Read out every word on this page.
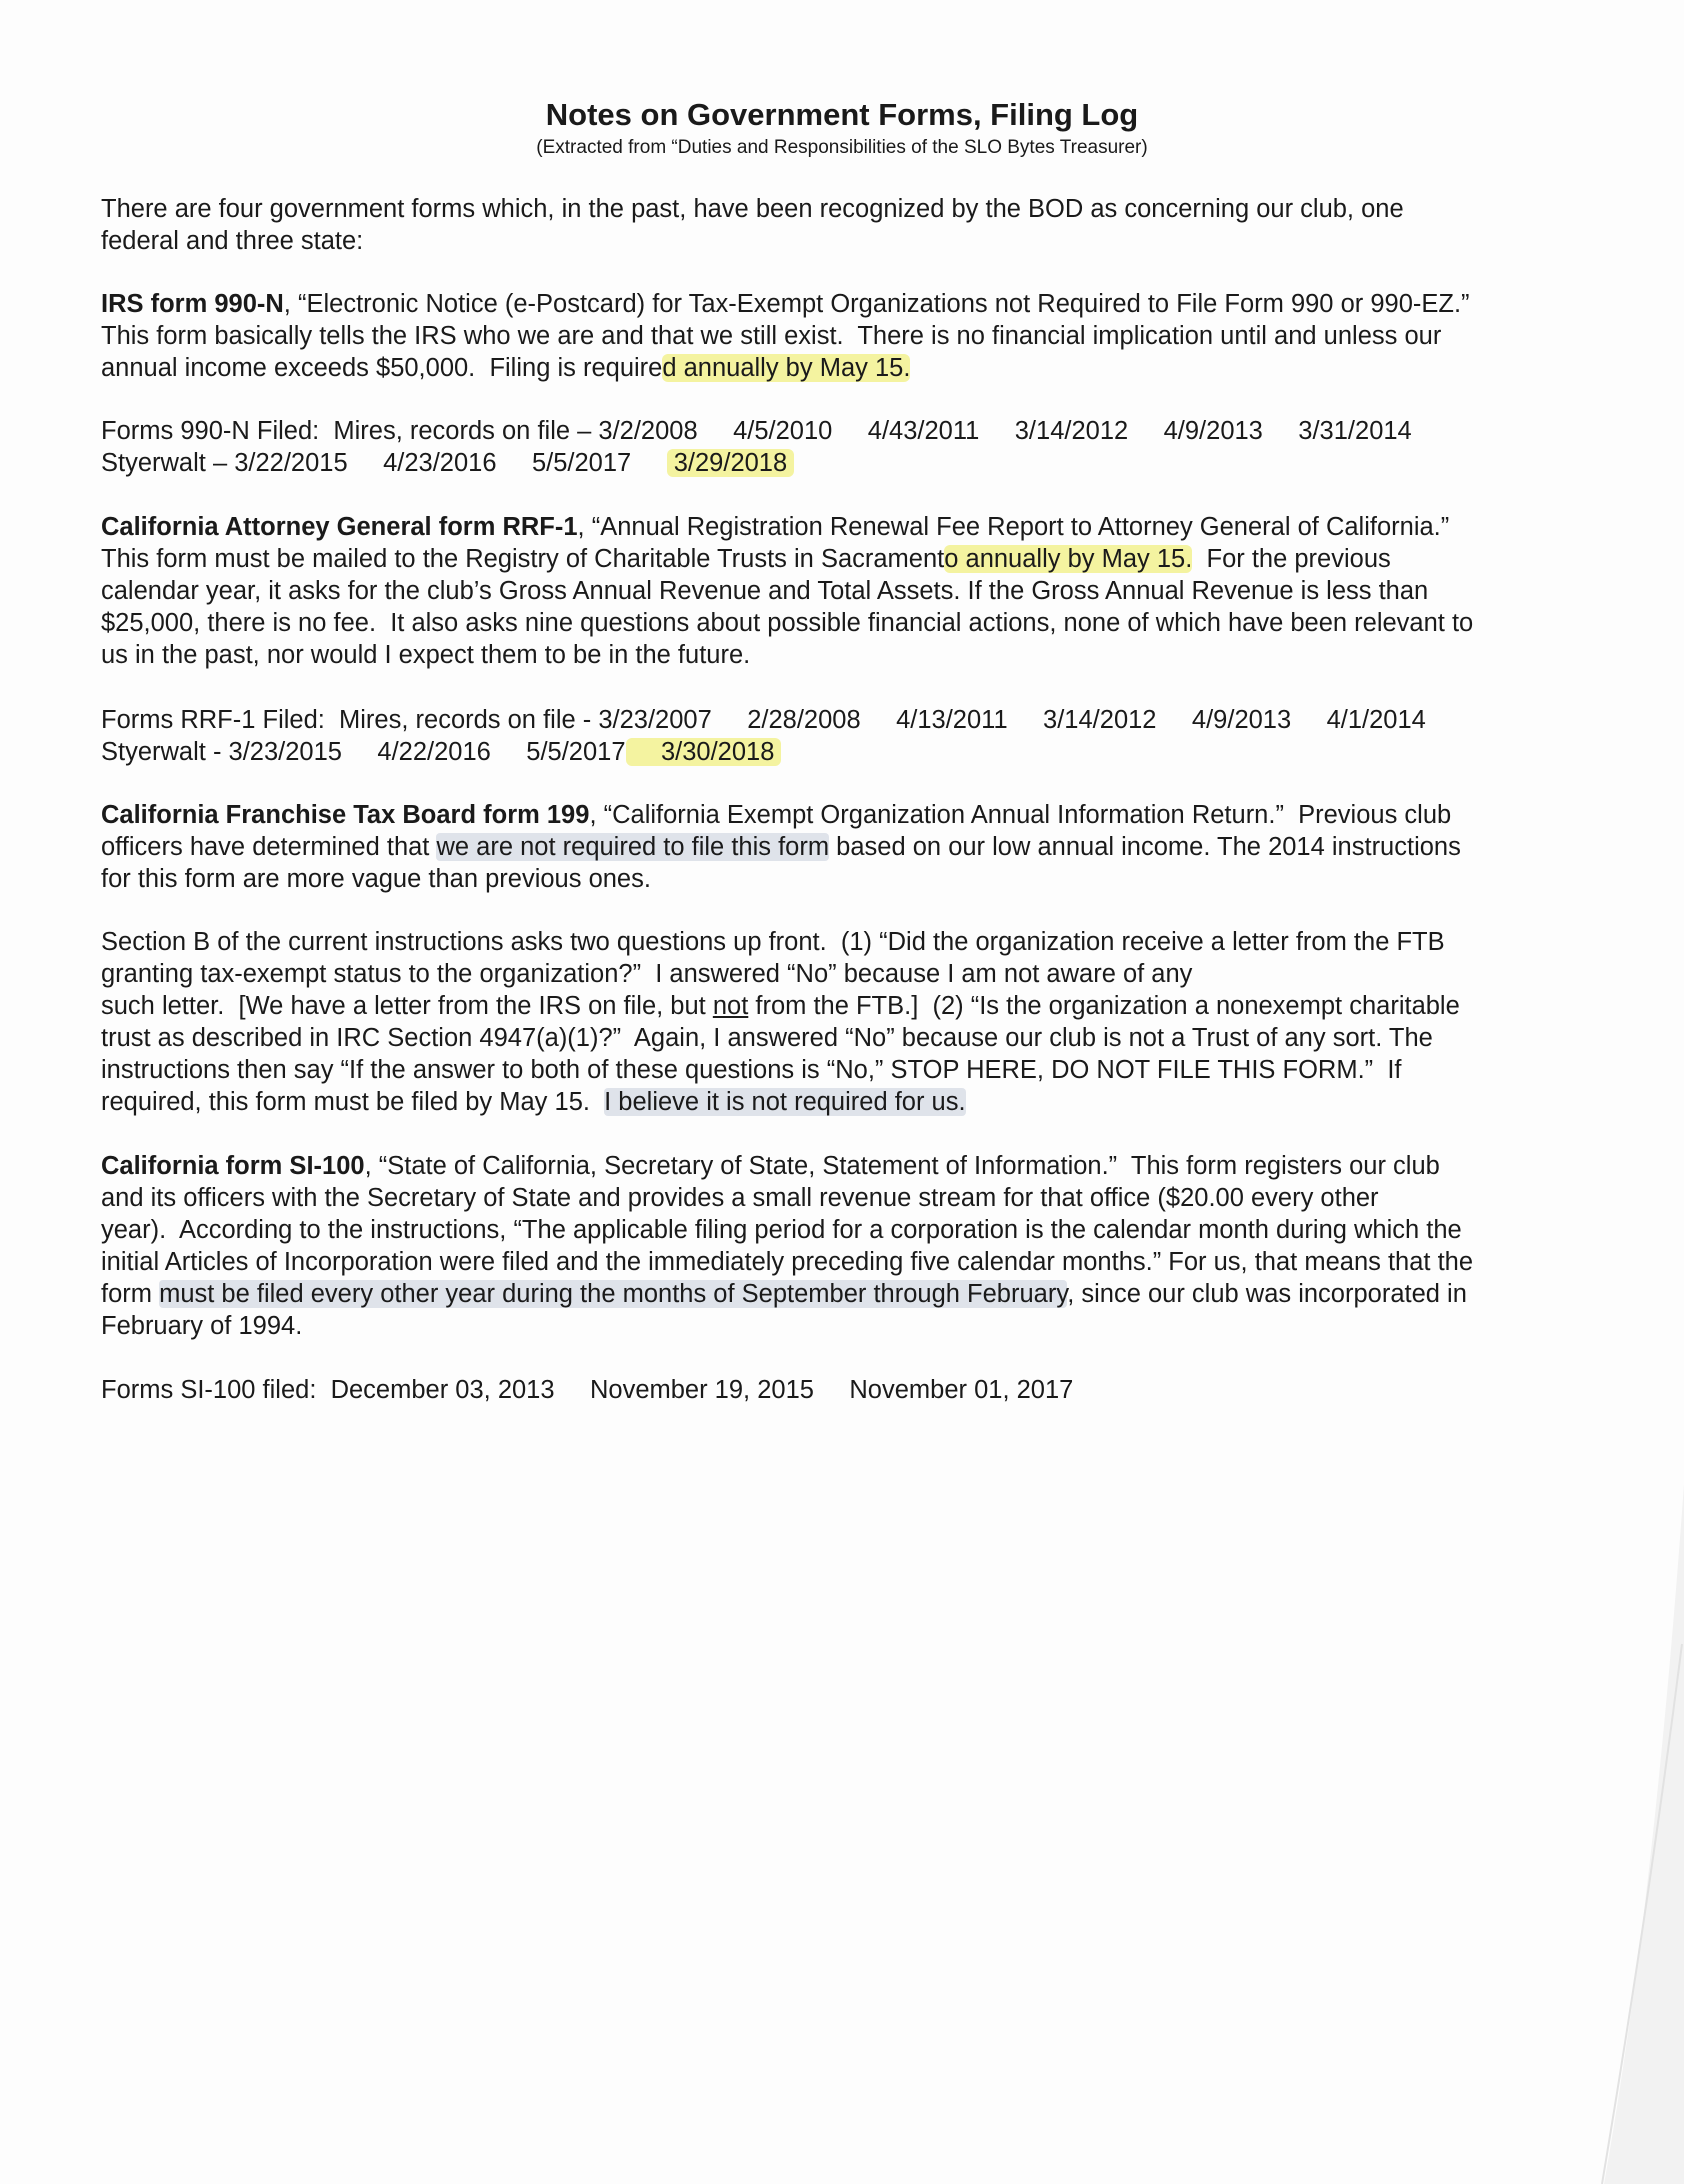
Notes on Government Forms, Filing Log
(Extracted from “Duties and Responsibilities of the SLO Bytes Treasurer)
There are four government forms which, in the past, have been recognized by the BOD as concerning our club, one
federal and three state:
IRS form 990-N, “Electronic Notice (e-Postcard) for Tax-Exempt Organizations not Required to File Form 990 or 990-EZ.”
This form basically tells the IRS who we are and that we still exist.  There is no financial implication until and unless our
annual income exceeds $50,000.  Filing is required annually by May 15.
Forms 990-N Filed:  Mires, records on file – 3/2/2008     4/5/2010     4/43/2011     3/14/2012     4/9/2013     3/31/2014
Styerwalt – 3/22/2015     4/23/2016     5/5/2017      3/29/2018
California Attorney General form RRF-1, “Annual Registration Renewal Fee Report to Attorney General of California.”
This form must be mailed to the Registry of Charitable Trusts in Sacramento annually by May 15.  For the previous
calendar year, it asks for the club’s Gross Annual Revenue and Total Assets. If the Gross Annual Revenue is less than
$25,000, there is no fee.  It also asks nine questions about possible financial actions, none of which have been relevant to
us in the past, nor would I expect them to be in the future.
Forms RRF-1 Filed:  Mires, records on file - 3/23/2007     2/28/2008     4/13/2011     3/14/2012     4/9/2013     4/1/2014
Styerwalt - 3/23/2015     4/22/2016     5/5/2017     3/30/2018
California Franchise Tax Board form 199, “California Exempt Organization Annual Information Return.”  Previous club
officers have determined that we are not required to file this form based on our low annual income. The 2014 instructions
for this form are more vague than previous ones.
Section B of the current instructions asks two questions up front.  (1) “Did the organization receive a letter from the FTB
granting tax-exempt status to the organization?”  I answered “No” because I am not aware of any
such letter.  [We have a letter from the IRS on file, but not from the FTB.]  (2) “Is the organization a nonexempt charitable
trust as described in IRC Section 4947(a)(1)?”  Again, I answered “No” because our club is not a Trust of any sort. The
instructions then say “If the answer to both of these questions is “No,” STOP HERE, DO NOT FILE THIS FORM.”  If
required, this form must be filed by May 15.  I believe it is not required for us.
California form SI-100, “State of California, Secretary of State, Statement of Information.”  This form registers our club
and its officers with the Secretary of State and provides a small revenue stream for that office ($20.00 every other
year).  According to the instructions, “The applicable filing period for a corporation is the calendar month during which the
initial Articles of Incorporation were filed and the immediately preceding five calendar months.” For us, that means that the
form must be filed every other year during the months of September through February, since our club was incorporated in
February of 1994.
Forms SI-100 filed:  December 03, 2013     November 19, 2015     November 01, 2017
